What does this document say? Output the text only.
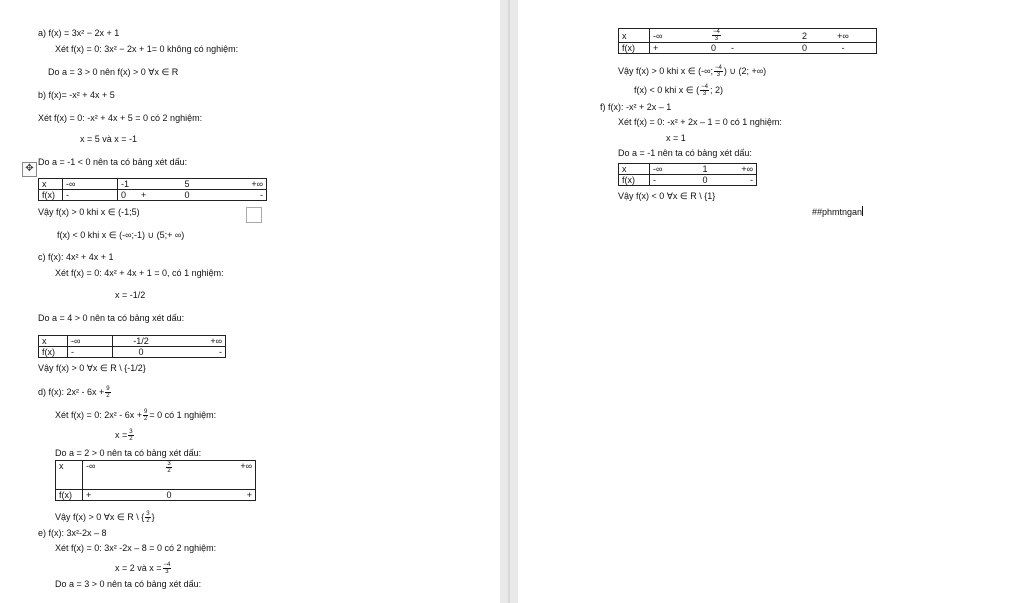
a) f(x) = 3x² − 2x + 1
Xét f(x) = 0: 3x² − 2x + 1= 0 không có nghiệm:
Do a = 3 > 0 nên f(x) > 0 ∀x ∈ R
b) f(x)= -x² + 4x + 5
Xét f(x) = 0: -x² + 4x + 5 = 0 có 2 nghiệm:
x = 5 và x = -1
✥
Do a = -1 < 0 nên ta có bảng xét dấu:
x	-∞	-1	5	+∞
f(x)	-	0 +	0	-
Vậy f(x) > 0 khi x ∈ (-1;5)
f(x) < 0 khi x ∈ (-∞;-1) ∪ (5;+ ∞)
c) f(x): 4x² + 4x + 1
Xét f(x) = 0: 4x² + 4x + 1 = 0, có 1 nghiệm:
x = -1/2
Do a = 4 > 0 nên ta có bảng xét dấu:
x	-∞	-1/2	+∞
f(x)	-	0	-
Vậy f(x) > 0 ∀x ∈ R \ {-1/2}
d) f(x): $2x^2 - 6x + \frac{9}{2}$
Xét f(x) = 0: $2x^2 - 6x + \frac{9}{2} = 0$ có 1 nghiệm:
$x = \frac{3}{2}$
Do a = 2 > 0 nên ta có bảng xét dấu:
x	-∞	$\frac{3}{2}$	+∞
f(x)	+	0	+
Vậy f(x) > 0 ∀x ∈ R \ { $\frac{3}{2}$ }
e) f(x): 3x²-2x – 8
Xét f(x) = 0: 3x² -2x – 8 = 0 có 2 nghiệm:
x = 2 và $x = \frac{-4}{3}$
Do a = 3 > 0 nên ta có bảng xét dấu:
x	-∞	$\frac{-4}{3}$	2	+∞
f(x)	+	0 -	0	-
Vậy f(x) > 0 khi x ∈ (-∞; $\frac{-4}{3}$ ) ∪ (2; +∞)
f(x) < 0 khi x ∈ ( $\frac{-4}{3}$ ; 2)
f) f(x): -x² + 2x – 1
Xét f(x) = 0: -x² + 2x – 1 = 0 có 1 nghiệm:
x = 1
Do a = -1 nên ta có bảng xét dấu:
x	-∞	1	+∞
f(x)	-	0	-
Vậy f(x) < 0 ∀x ∈ R \ {1}
##phmtngan
